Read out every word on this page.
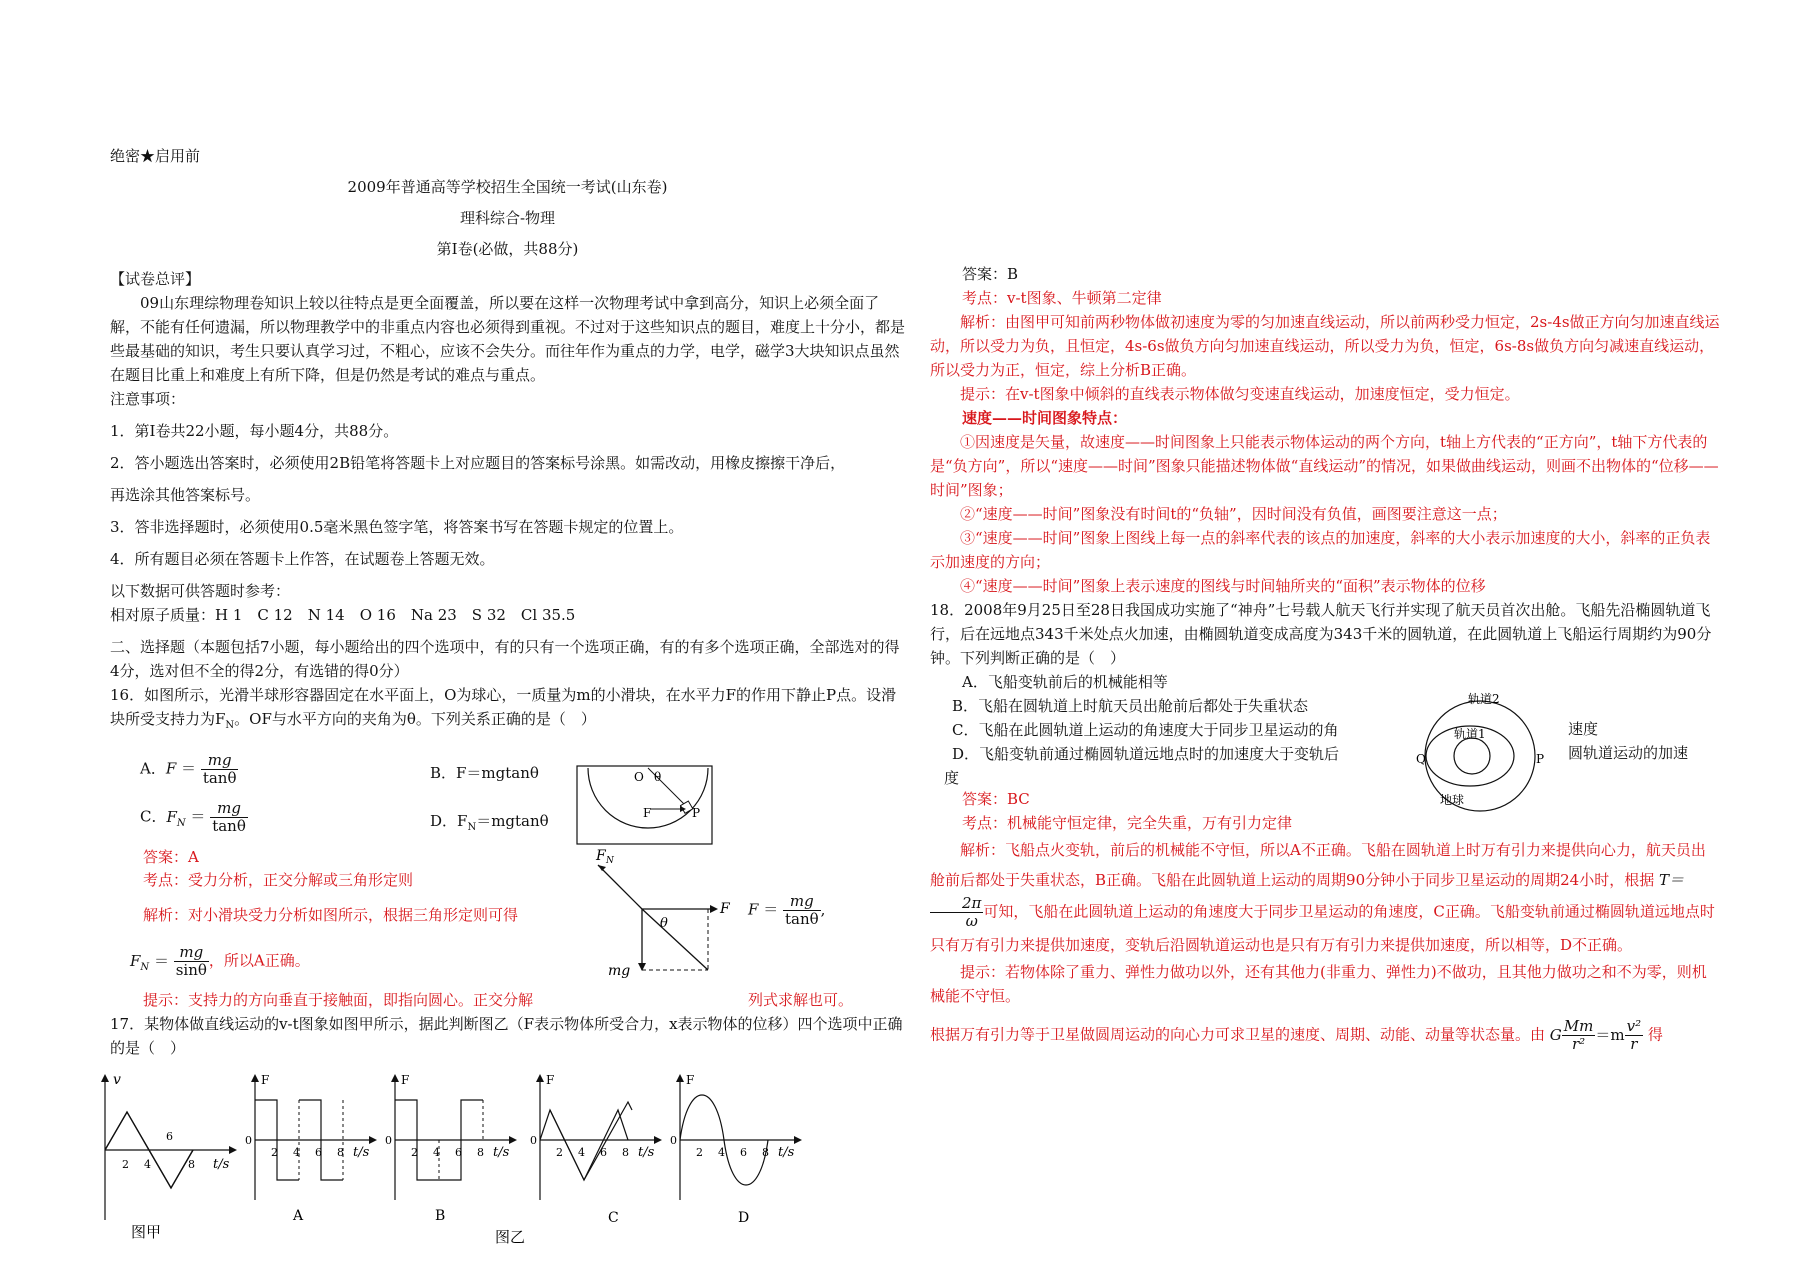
绝密★启用前

2009年普通高等学校招生全国统一考试(山东卷)

理科综合-物理

第Ⅰ卷(必做，共88分)

【试卷总评】

09山东理综物理卷知识上较以往特点是更全面覆盖，所以要在这样一次物理考试中拿到高分，知识上必须全面了解，不能有任何遗漏，所以物理教学中的非重点内容也必须得到重视。不过对于这些知识点的题目，难度上十分小，都是些最基础的知识，考生只要认真学习过，不粗心，应该不会失分。而往年作为重点的力学，电学，磁学3大块知识点虽然在题目比重上和难度上有所下降，但是仍然是考试的难点与重点。

注意事项：

1．第Ⅰ卷共22小题，每小题4分，共88分。

2．答小题选出答案时，必须使用2B铅笔将答题卡上对应题目的答案标号涂黑。如需改动，用橡皮擦擦干净后，

再选涂其他答案标号。

3．答非选择题时，必须使用0.5毫米黑色签字笔，将答案书写在答题卡规定的位置上。

4．所有题目必须在答题卡上作答，在试题卷上答题无效。

以下数据可供答题时参考：

相对原子质量：H 1　C 12　N 14　O 16　Na 23　S 32　Cl 35.5

二、选择题（本题包括7小题，每小题给出的四个选项中，有的只有一个选项正确，有的有多个选项正确，全部选对的得4分，选对但不全的得2分，有选错的得0分）

16．如图所示，光滑半球形容器固定在水平面上，O为球心，一质量为m的小滑块，在水平力F的作用下静止P点。设滑块所受支持力为$F_N$。OF与水平方向的夹角为θ。下列关系正确的是（　）

A．$F = \frac{mg}{\tan\theta}$	B．F＝mgtanθ
C．$F_N = \frac{mg}{\tan\theta}$	D．$F_N=mgtan\theta$
O θ
F	P
答案：A
考点：受力分析，正交分解或三角形定则
解析：对小滑块受力分析如图所示，根据三角形定则可得
F N
F
θ
mg
$F = \frac{mg}{\tan\theta}$ ,
$F_N = \frac{mg}{\sin\theta}$ ，所以A正确。
提示：支持力的方向垂直于接触面，即指向圆心。正交分解	列式求解也可。
17．某物体做直线运动的v-t图象如图甲所示，据此判断图乙（F表示物体所受合力，x表示物体的位移）四个选项中正确的是（　）
v
2 4	8
6
t/s
图甲
F
0
2 4 6 8 t/s
A
F
0
2 4 6 8 t/s
B
F
0
2 4 6 8 t/s
C
F
0
2 4 6 8 t/s
D
图乙

答案：B

考点：v-t图象、牛顿第二定律

解析：由图甲可知前两秒物体做初速度为零的匀加速直线运动，所以前两秒受力恒定，2s-4s做正方向匀加速直线运动，所以受力为负，且恒定，4s-6s做负方向匀加速直线运动，所以受力为负，恒定，6s-8s做负方向匀减速直线运动，所以受力为正，恒定，综上分析B正确。

提示：在v-t图象中倾斜的直线表示物体做匀变速直线运动，加速度恒定，受力恒定。

速度——时间图象特点：

①因速度是矢量，故速度——时间图象上只能表示物体运动的两个方向，t轴上方代表的“正方向”，t轴下方代表的是“负方向”，所以“速度——时间”图象只能描述物体做“直线运动”的情况，如果做曲线运动，则画不出物体的“位移——时间”图象；

②“速度——时间”图象没有时间t的“负轴”，因时间没有负值，画图要注意这一点；

③“速度——时间”图象上图线上每一点的斜率代表的该点的加速度，斜率的大小表示加速度的大小，斜率的正负表示加速度的方向；

④“速度——时间”图象上表示速度的图线与时间轴所夹的“面积”表示物体的位移

18．2008年9月25日至28日我国成功实施了“神舟”七号载人航天飞行并实现了航天员首次出舱。飞船先沿椭圆轨道飞行，后在远地点343千米处点火加速，由椭圆轨道变成高度为343千米的圆轨道，在此圆轨道上飞船运行周期约为90分钟。下列判断正确的是（　）

A．飞船变轨前后的机械能相等

B．飞船在圆轨道上时航天员出舱前后都处于失重状态

C．飞船在此圆轨道上运动的角速度大于同步卫星运动的角

D．飞船变轨前通过椭圆轨道远地点时的加速度大于变轨后

度

速度
圆轨道运动的加速
轨道2
轨道1
Q	P
地球

答案：BC

考点：机械能守恒定律，完全失重，万有引力定律

解析：飞船点火变轨，前后的机械能不守恒，所以A不正确。飞船在圆轨道上时万有引力来提供向心力，航天员出舱前后都处于失重状态，B正确。飞船在此圆轨道上运动的周期90分钟小于同步卫星运动的周期24小时，根据 T＝
$\frac{2\pi}{\omega}$ 可知，飞船在此圆轨道上运动的角速度大于同步卫星运动的角速度，C正确。飞船变轨前通过椭圆轨道远地点时只有万有引力来提供加速度，变轨后沿圆轨道运动也是只有万有引力来提供加速度，所以相等，D不正确。

提示：若物体除了重力、弹性力做功以外，还有其他力(非重力、弹性力)不做功，且其他力做功之和不为零，则机械能不守恒。

根据万有引力等于卫星做圆周运动的向心力可求卫星的速度、周期、动能、动量等状态量。由 G $\frac{Mm}{\text{r²}} =m \frac{\text{v²}}{r}$ 得
